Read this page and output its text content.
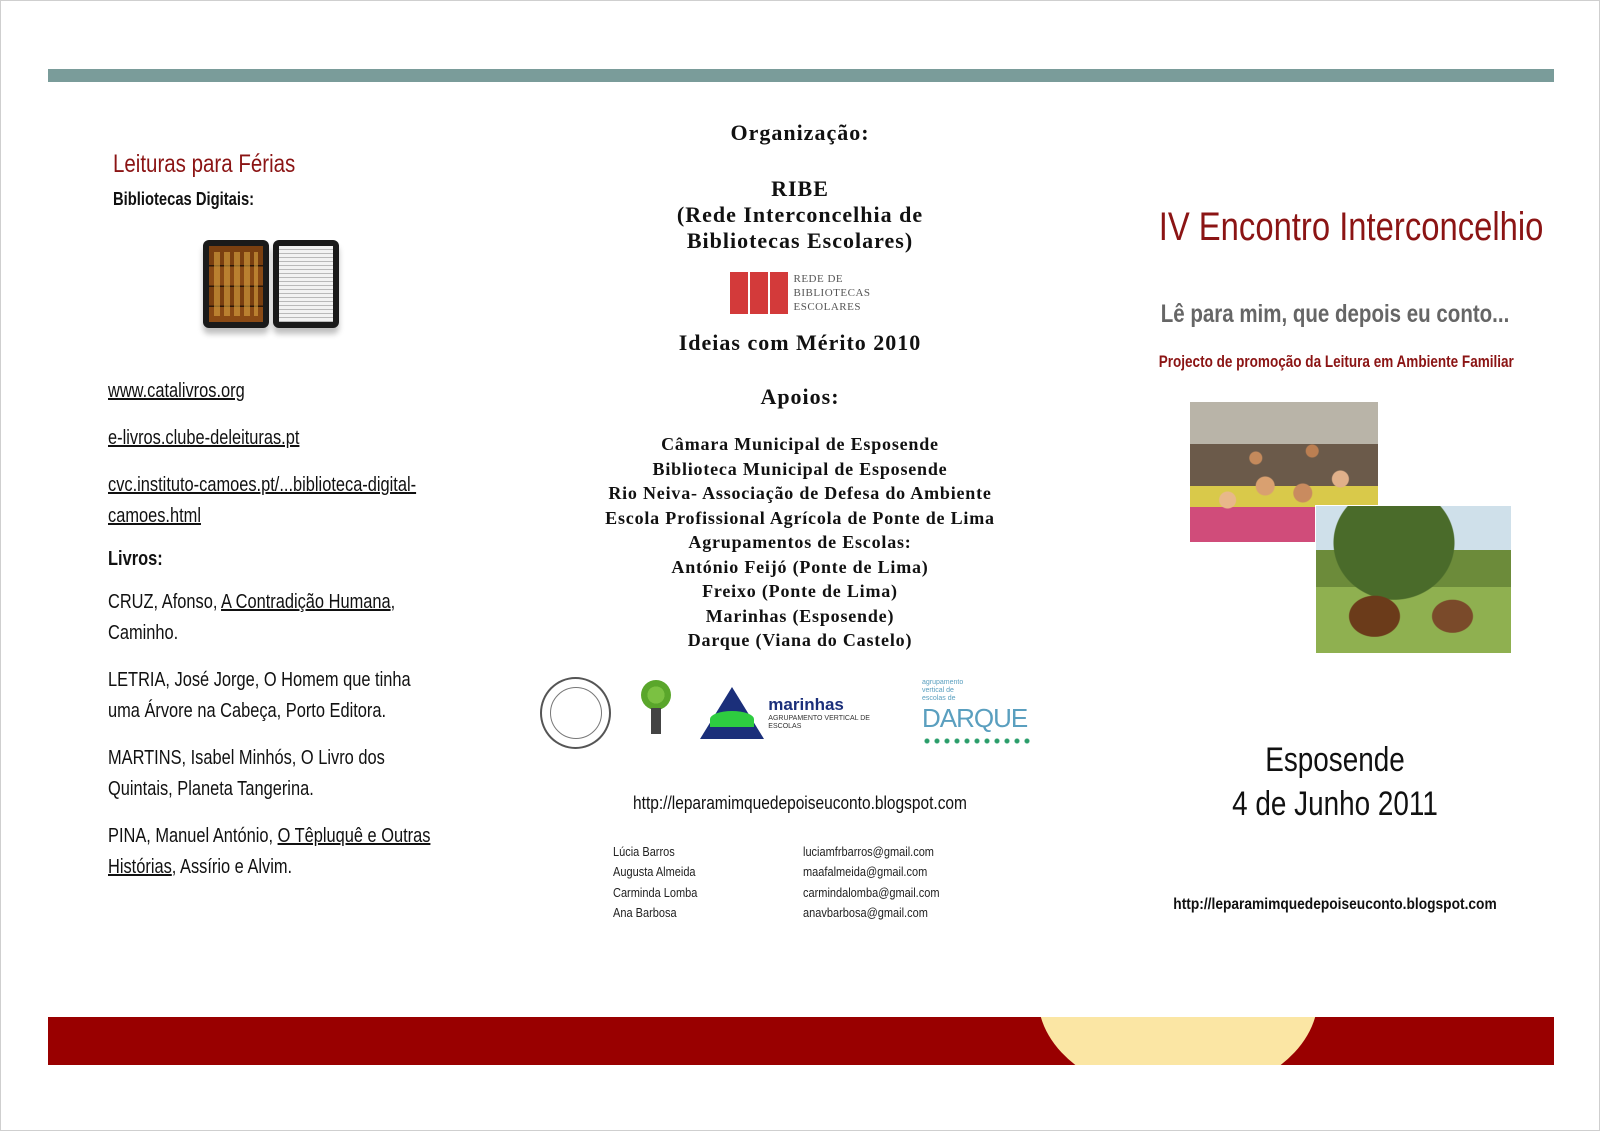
Leituras para Férias
Bibliotecas Digitais:
www.catalivros.org
e-livros.clube-deleituras.pt
cvc.instituto-camoes.pt/...biblioteca-digital-camoes.html
Livros:
CRUZ, Afonso, A Contradição Humana, Caminho.
LETRIA, José Jorge, O Homem que tinha uma Árvore na Cabeça, Porto Editora.
MARTINS, Isabel Minhós, O Livro dos Quintais, Planeta Tangerina.
PINA, Manuel António, O Têpluquê e Outras Histórias, Assírio e Alvim.
Organização:
RIBE
(Rede Interconcelhia de
Bibliotecas Escolares)
REDE DE
BIBLIOTECAS
ESCOLARES
Ideias com Mérito 2010
Apoios:
Câmara Municipal de Esposende
Biblioteca Municipal de Esposende
Rio Neiva- Associação de Defesa do Ambiente
Escola Profissional Agrícola de Ponte de Lima
Agrupamentos de Escolas:
António Feijó (Ponte de Lima)
Freixo (Ponte de Lima)
Marinhas (Esposende)
Darque (Viana do Castelo)
marinhas
AGRUPAMENTO VERTICAL DE ESCOLAS
agrupamento vertical de escolas deDARQUE
http://leparamimquedepoiseuconto.blogspot.com
Lúcia Barros
Augusta Almeida
Carminda Lomba
Ana Barbosa
luciamfrbarros@gmail.com
maafalmeida@gmail.com
carmindalomba@gmail.com
anavbarbosa@gmail.com
IV Encontro Interconcelhio
Lê para mim, que depois eu conto...
Projecto de promoção da Leitura em Ambiente Familiar
Esposende
4 de Junho 2011
http://leparamimquedepoiseuconto.blogspot.com
